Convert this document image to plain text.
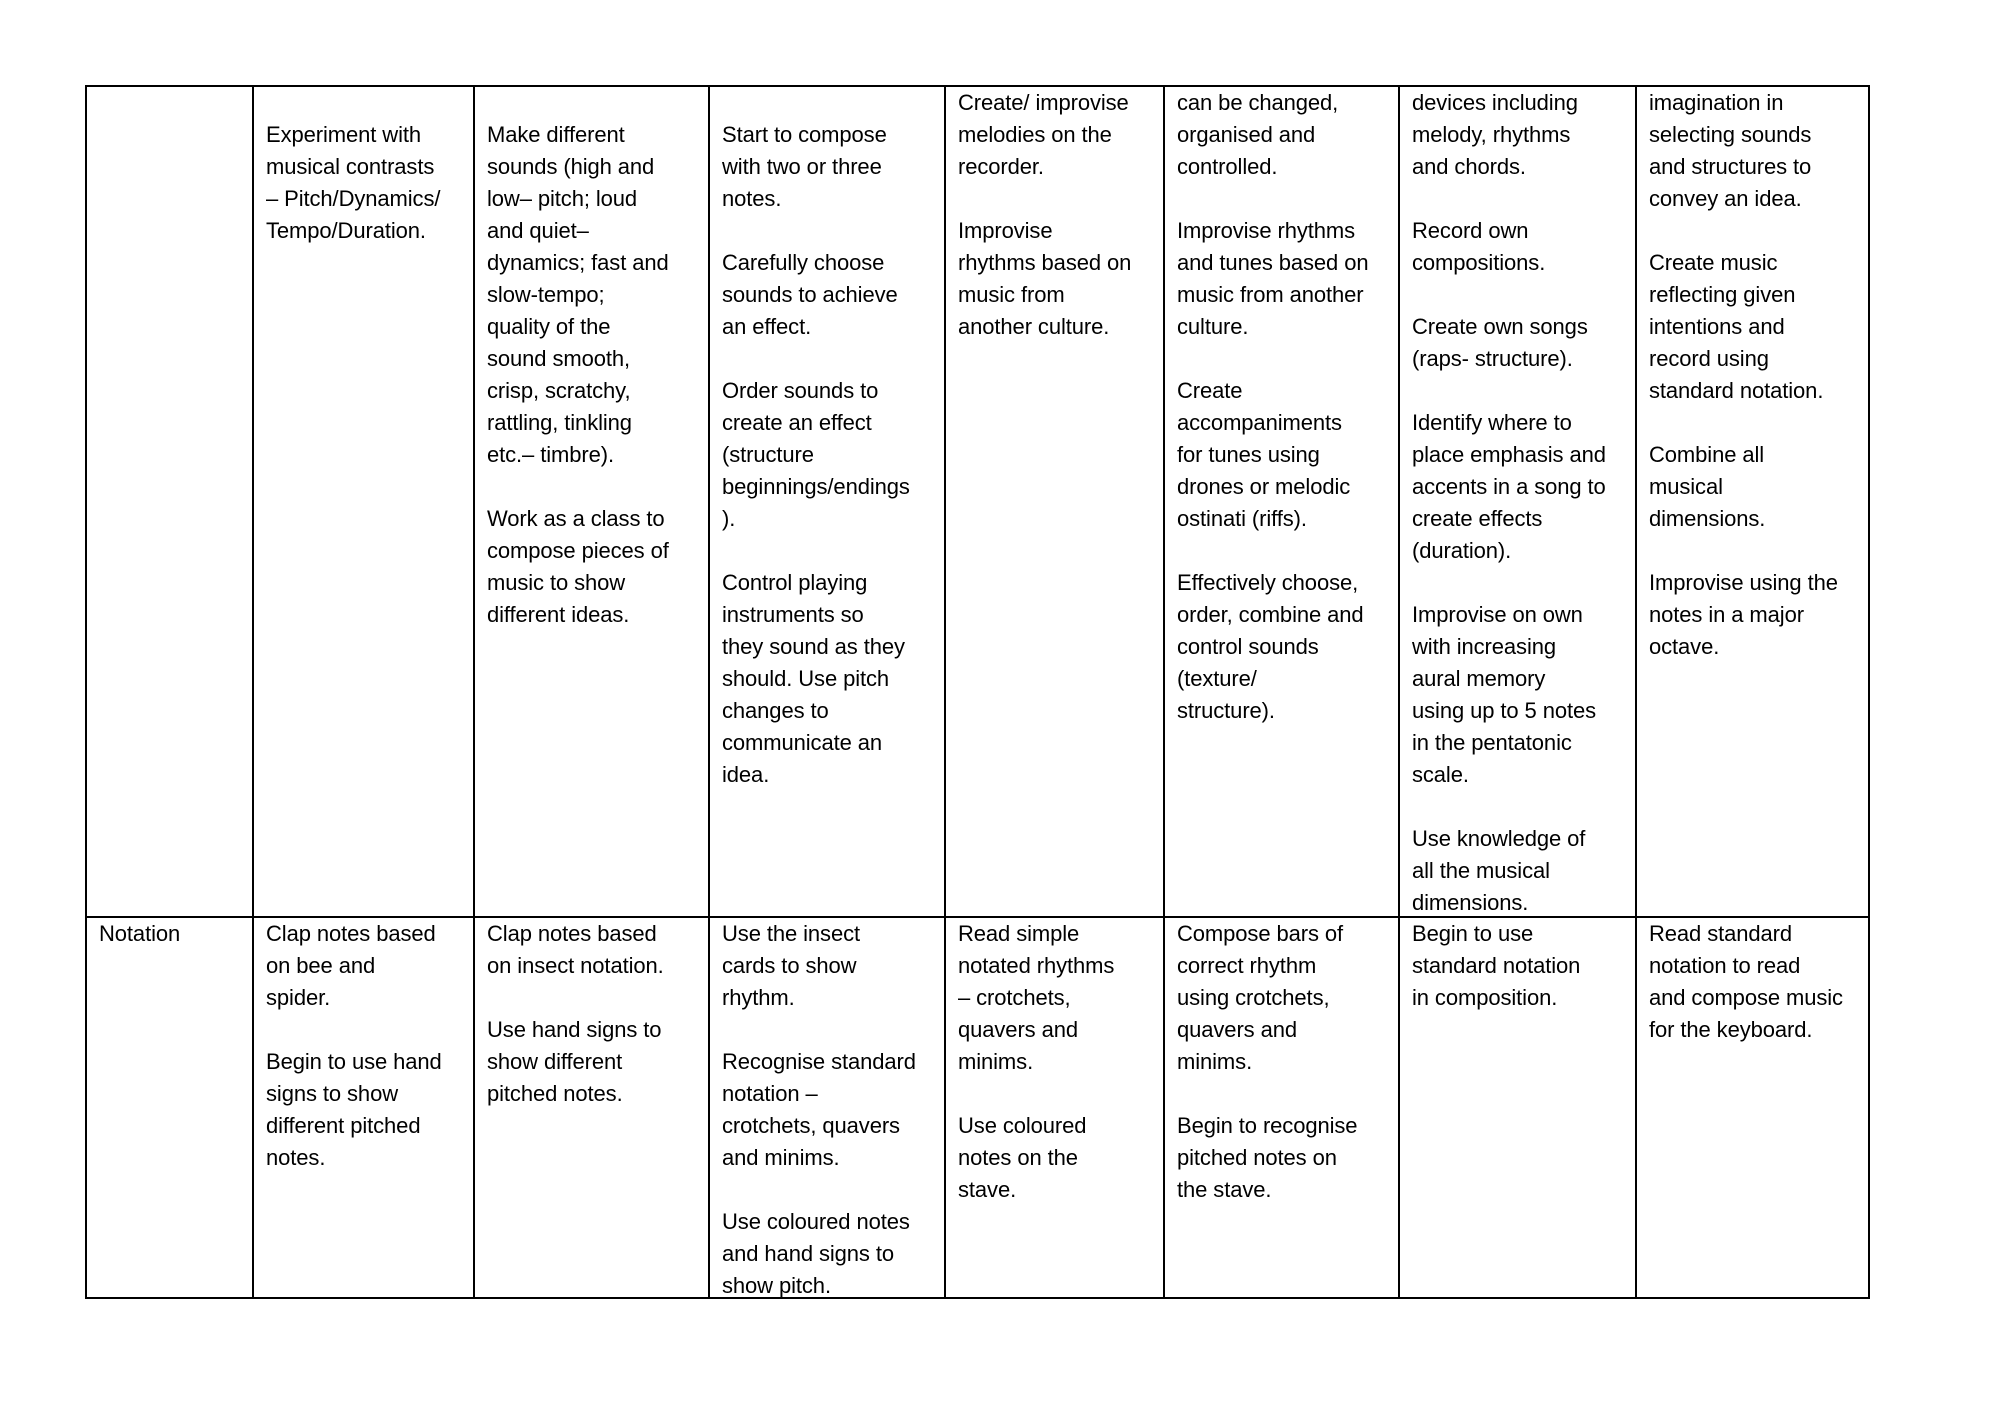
Experiment with
musical contrasts
– Pitch/Dynamics/
Tempo/Duration.
Make different
sounds (high and
low– pitch; loud
and quiet–
dynamics; fast and
slow-tempo;
quality of the
sound smooth,
crisp, scratchy,
rattling, tinkling
etc.– timbre).
Work as a class to
compose pieces of
music to show
different ideas.
Start to compose
with two or three
notes.
Carefully choose
sounds to achieve
an effect.
Order sounds to
create an effect
(structure
beginnings/endings
).
Control playing
instruments so
they sound as they
should. Use pitch
changes to
communicate an
idea.
Create/ improvise
melodies on the
recorder.
Improvise
rhythms based on
music from
another culture.
can be changed,
organised and
controlled.
Improvise rhythms
and tunes based on
music from another
culture.
Create
accompaniments
for tunes using
drones or melodic
ostinati (riffs).
Effectively choose,
order, combine and
control sounds
(texture/
structure).
devices including
melody, rhythms
and chords.
Record own
compositions.
Create own songs
(raps- structure).
Identify where to
place emphasis and
accents in a song to
create effects
(duration).
Improvise on own
with increasing
aural memory
using up to 5 notes
in the pentatonic
scale.
Use knowledge of
all the musical
dimensions.
imagination in
selecting sounds
and structures to
convey an idea.
Create music
reflecting given
intentions and
record using
standard notation.
Combine all
musical
dimensions.
Improvise using the
notes in a major
octave.
Notation	Clap notes based
on bee and
spider.
Begin to use hand
signs to show
different pitched
notes.
Clap notes based
on insect notation.
Use hand signs to
show different
pitched notes.
Use the insect
cards to show
rhythm.
Recognise standard
notation –
crotchets, quavers
and minims.
Use coloured notes
and hand signs to
show pitch.
Read simple
notated rhythms
– crotchets,
quavers and
minims.
Use coloured
notes on the
stave.
Compose bars of
correct rhythm
using crotchets,
quavers and
minims.
Begin to recognise
pitched notes on
the stave.
Begin to use
standard notation
in composition.
Read standard
notation to read
and compose music
for the keyboard.
